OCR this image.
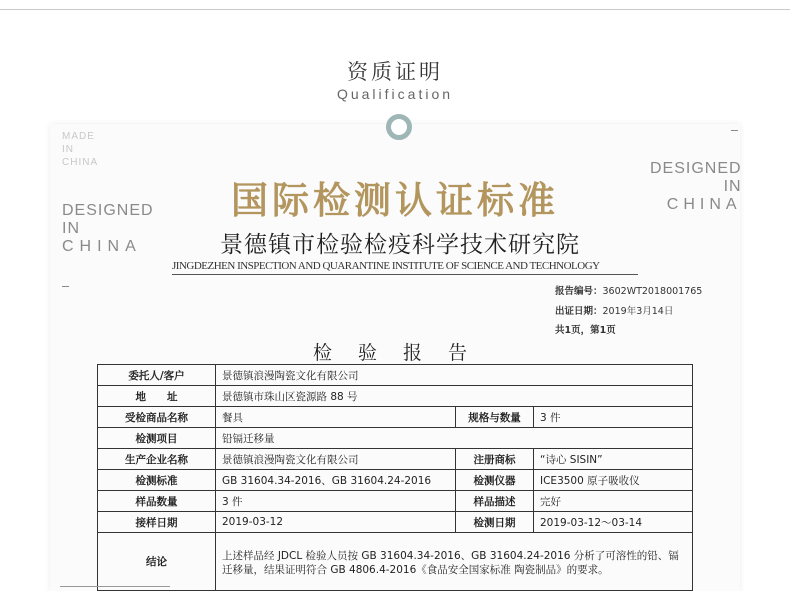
资质证明
Qualification
MADE
IN
CHINA
DESIGNED
IN
CHINA
DESIGNED
IN
CHINA
国际检测认证标准
景德镇市检验检疫科学技术研究院
JINGDEZHEN INSPECTION AND QUARANTINE INSTITUTE OF SCIENCE AND TECHNOLOGY
报告编号：3602WT2018001765
出证日期：2019年3月14日
共1页，第1页
检 验 报 告
委托人/客户	景德镇浪漫陶瓷文化有限公司		
地　　址	景德镇市珠山区瓷源路 88 号		
受检商品名称	餐具	规格与数量	3 件
检测项目	铅镉迁移量		
生产企业名称	景德镇浪漫陶瓷文化有限公司	注册商标	“诗心 SISIN”
检测标准	GB 31604.34-2016、GB 31604.24-2016	检测仪器	ICE3500 原子吸收仪
样品数量	3 件	样品描述	完好
接样日期	2019-03-12	检测日期	2019-03-12～03-14
结论	上述样品经 JDCL 检验人员按 GB 31604.34-2016、GB 31604.24-2016 分析了可溶性的铅、镉迁移量，结果证明符合 GB 4806.4-2016《食品安全国家标准 陶瓷制品》的要求。		
